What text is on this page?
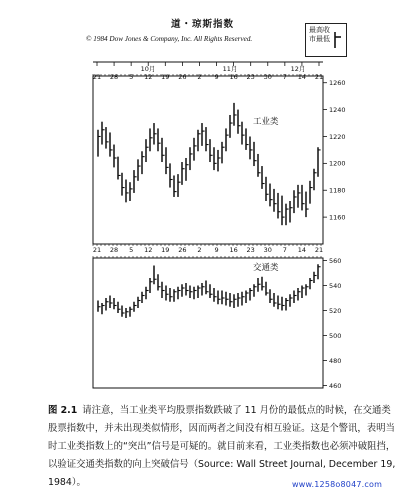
道・琼斯指数
© 1984 Dow Jones & Company, Inc. All Rights Reserved.
最高收市最低
10月	11月	12月
21
21
28
28
5
5
12
12
19
19
26
26
2
2
9
9
16
16
23
23
30
30
7
7
14
14
21
21
1160
1180
1200
1220
1240
1260
工业类
460
480
500
520
540
560
交通类
图 2.1 请注意，当工业类平均股票指数跌破了 11 月份的最低点的时候，在交通类股票指数中，并未出现类似情形，因而两者之间没有相互验证。这是个警讯，表明当时工业类指数上的“突出”信号是可疑的。就目前来看，工业类指数也必须冲破阻挡，以验证交通类指数的向上突破信号（Source: Wall Street Journal, December 19, 1984）。	www.1258o8047.com
